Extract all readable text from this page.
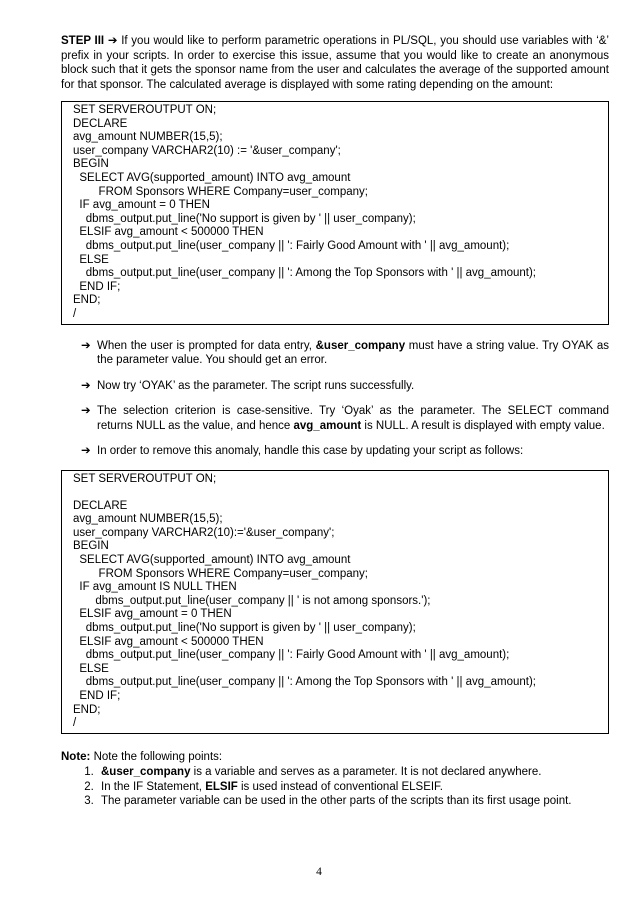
STEP III ➔ If you would like to perform parametric operations in PL/SQL, you should use variables with ‘&’ prefix in your scripts. In order to exercise this issue, assume that you would like to create an anonymous block such that it gets the sponsor name from the user and calculates the average of the supported amount for that sponsor. The calculated average is displayed with some rating depending on the amount:

SET SERVEROUTPUT ON;
DECLARE
avg_amount NUMBER(15,5);
user_company VARCHAR2(10) := '&user_company';
BEGIN
SELECT AVG(supported_amount) INTO avg_amount
FROM Sponsors WHERE Company=user_company;
IF avg_amount = 0 THEN
dbms_output.put_line('No support is given by ' || user_company);
ELSIF avg_amount < 500000 THEN
dbms_output.put_line(user_company || ': Fairly Good Amount with ' || avg_amount);
ELSE
dbms_output.put_line(user_company || ': Among the Top Sponsors with ' || avg_amount);
END IF;
END;
/
➔ When the user is prompted for data entry, &user_company must have a string value. Try OYAK as the parameter value. You should get an error.
➔ Now try ‘OYAK’ as the parameter. The script runs successfully.
➔ The selection criterion is case-sensitive. Try ‘Oyak’ as the parameter. The SELECT command returns NULL as the value, and hence avg_amount is NULL. A result is displayed with empty value.
➔ In order to remove this anomaly, handle this case by updating your script as follows:
SET SERVEROUTPUT ON;
DECLARE
avg_amount NUMBER(15,5);
user_company VARCHAR2(10):='&user_company';
BEGIN
SELECT AVG(supported_amount) INTO avg_amount
FROM Sponsors WHERE Company=user_company;
IF avg_amount IS NULL THEN
dbms_output.put_line(user_company || ' is not among sponsors.');
ELSIF avg_amount = 0 THEN
dbms_output.put_line('No support is given by ' || user_company);
ELSIF avg_amount < 500000 THEN
dbms_output.put_line(user_company || ': Fairly Good Amount with ' || avg_amount);
ELSE
dbms_output.put_line(user_company || ': Among the Top Sponsors with ' || avg_amount);
END IF;
END;
/

Note: Note the following points:

1. &user_company is a variable and serves as a parameter. It is not declared anywhere.
2. In the IF Statement, ELSIF is used instead of conventional ELSEIF.
3. The parameter variable can be used in the other parts of the scripts than its first usage point.
4
